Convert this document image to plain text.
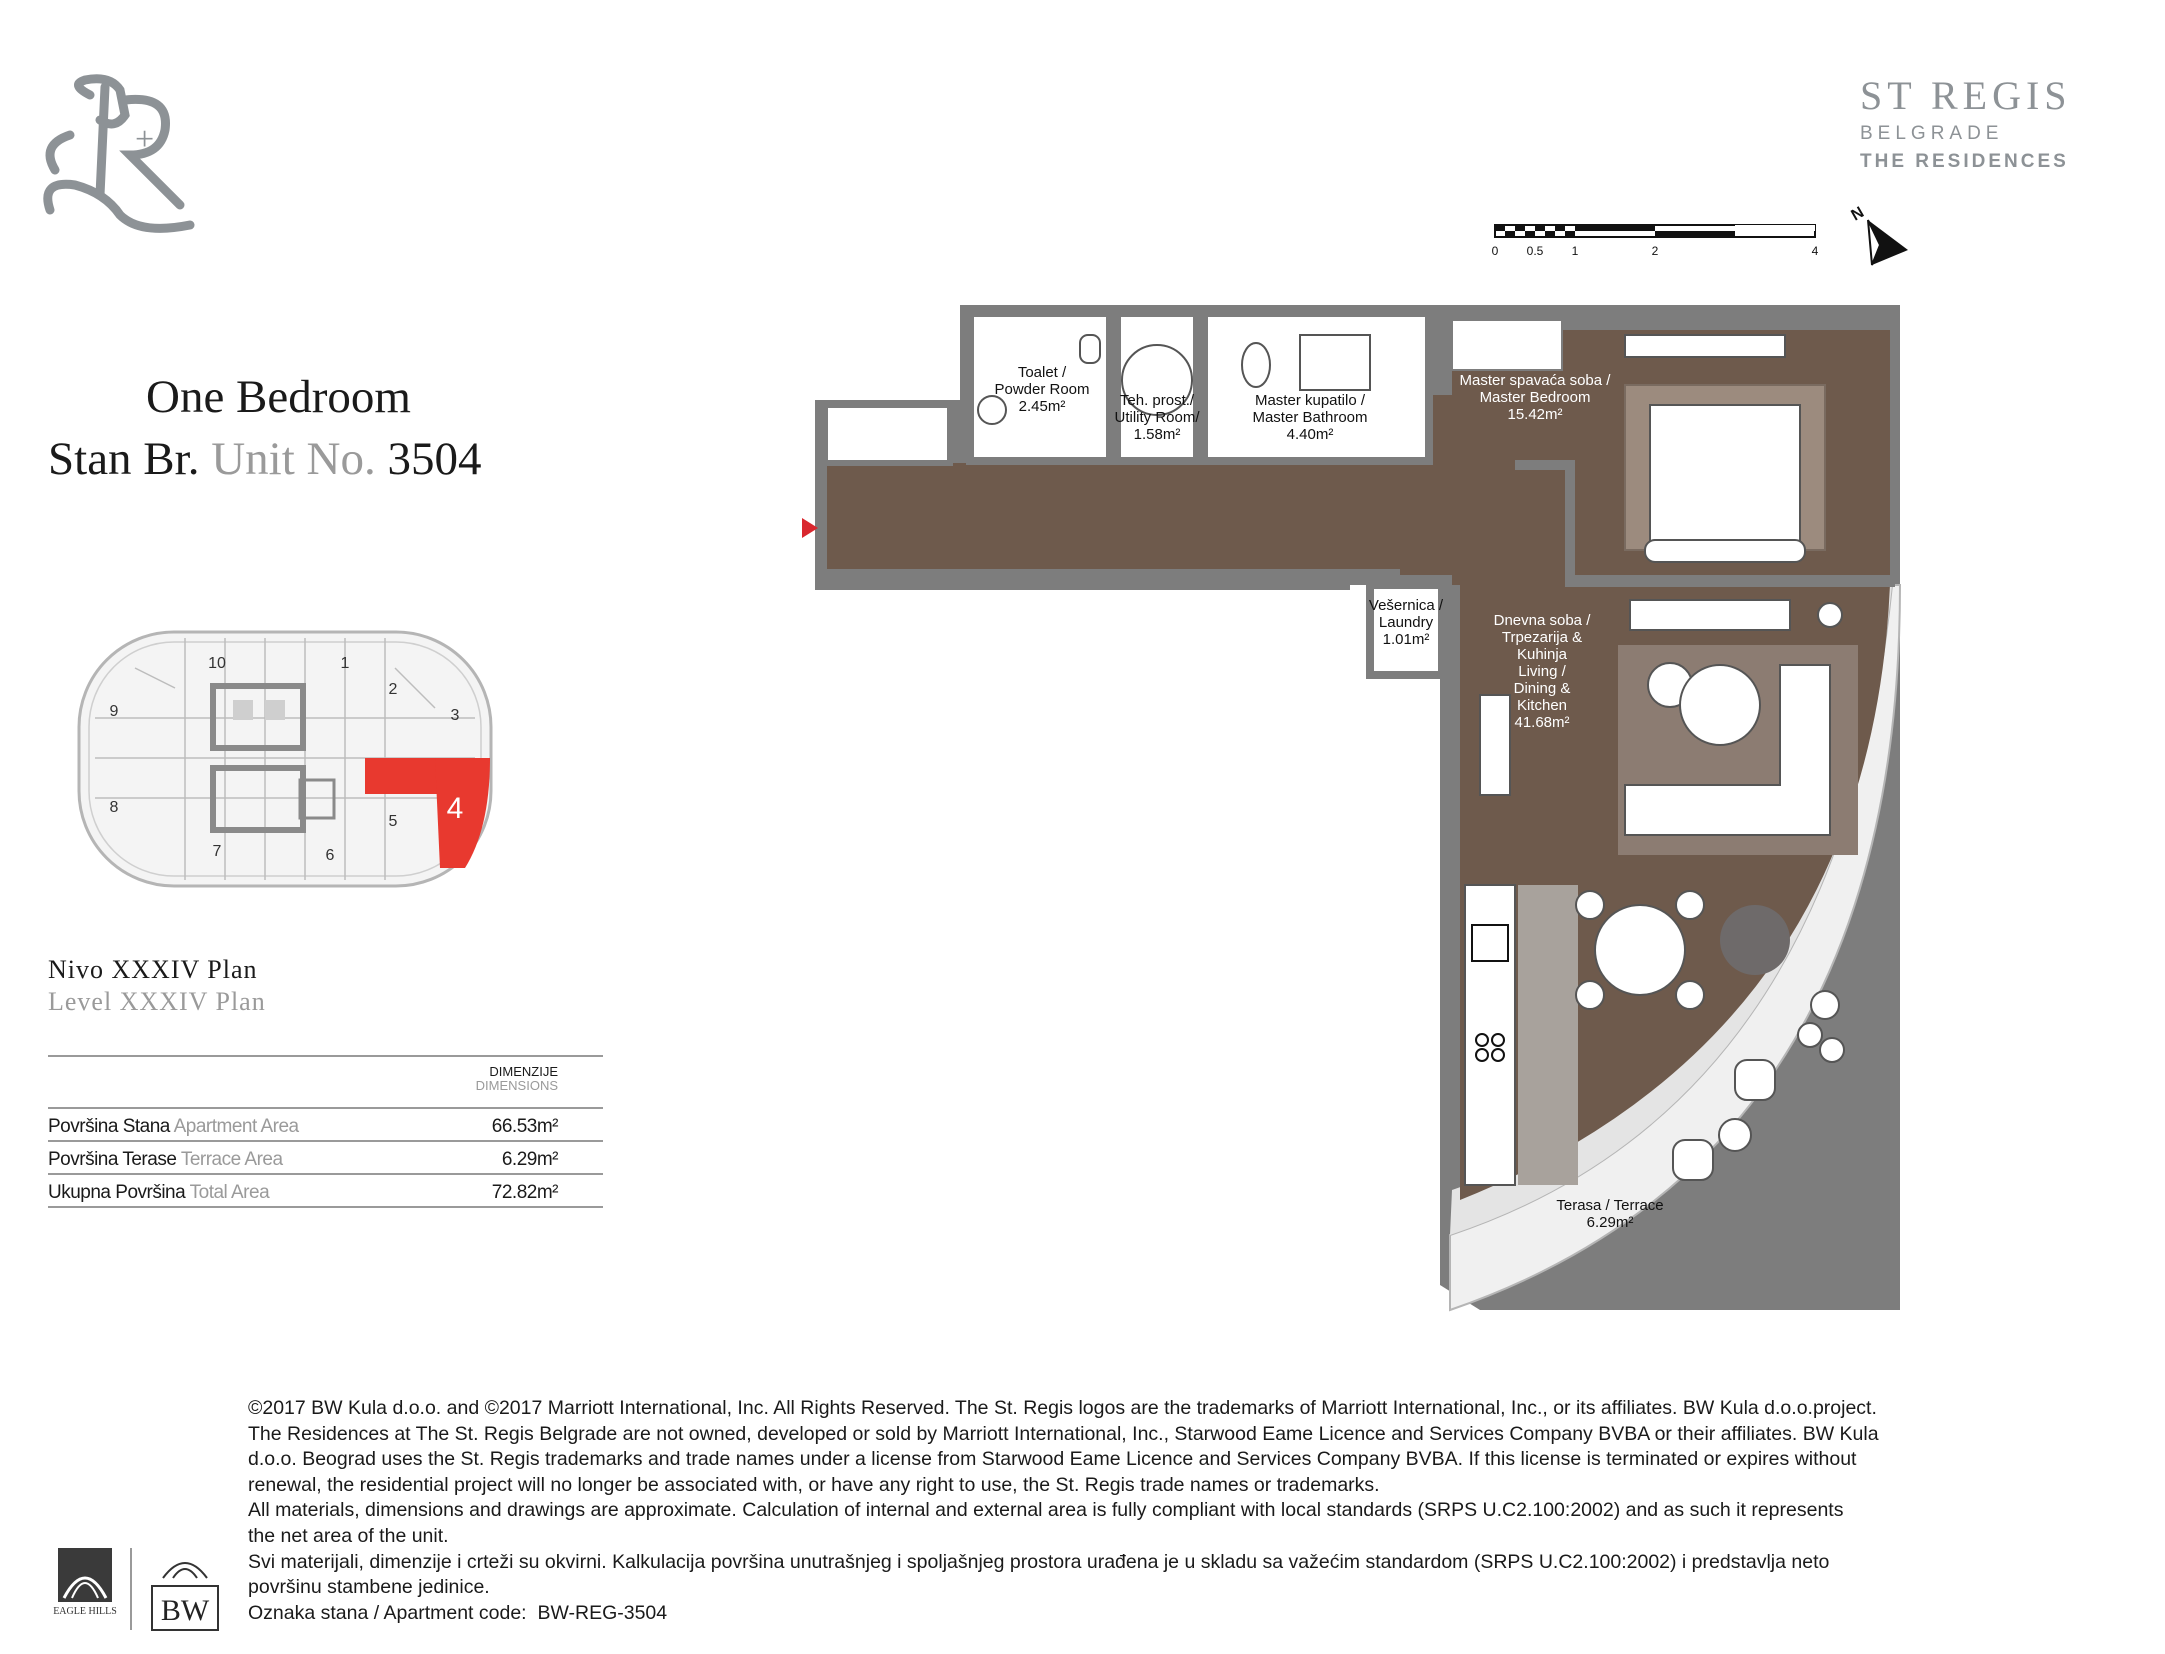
+
ST REGIS
BELGRADE
THE RESIDENCES
One Bedroom
Stan Br. Unit No. 3504
4
1
2
3
5
6
7
8
9
10
Nivo XXXIV Plan
Level XXXIV Plan
DIMENZIJE
DIMENSIONS
Površina Stana Apartment Area	66.53m²
Površina Terase Terrace Area	6.29m²
Ukupna Površina Total Area	72.82m²
0 0.5 1	2	4
N
Toalet /
Powder Room
2.45m²	Teh. prost./
Utility Room/
1.58m²
Master kupatilo /
Master Bathroom
4.40m²
Master spavaća soba /
Master Bedroom
15.42m²
Vešernica /
Laundry
1.01m²
Dnevna soba /
Trpezarija &
Kuhinja
Living /
Dining &
Kitchen
41.68m²
Terasa / Terrace
6.29m²

©2017 BW Kula d.o.o. and ©2017 Marriott International, Inc. All Rights Reserved. The St. Regis logos are the trademarks of Marriott International, Inc., or its affiliates. BW Kula d.o.o.project.

The Residences at The St. Regis Belgrade are not owned, developed or sold by Marriott International, Inc., Starwood Eame Licence and Services Company BVBA or their affiliates. BW Kula

d.o.o. Beograd uses the St. Regis trademarks and trade names under a license from Starwood Eame Licence and Services Company BVBA. If this license is terminated or expires without

renewal, the residential project will no longer be associated with, or have any right to use, the St. Regis trade names or trademarks.

All materials, dimensions and drawings are approximate. Calculation of internal and external area is fully compliant with local standards (SRPS U.C2.100:2002) and as such it represents

the net area of the unit.

Svi materijali, dimenzije i crteži su okvirni. Kalkulacija površina unutrašnjeg i spoljašnjeg prostora urađena je u skladu sa važećim standardom (SRPS U.C2.100:2002) i predstavlja neto

površinu stambene jedinice.

Oznaka stana / Apartment code: BW-REG-3504

EAGLE HILLS BW
